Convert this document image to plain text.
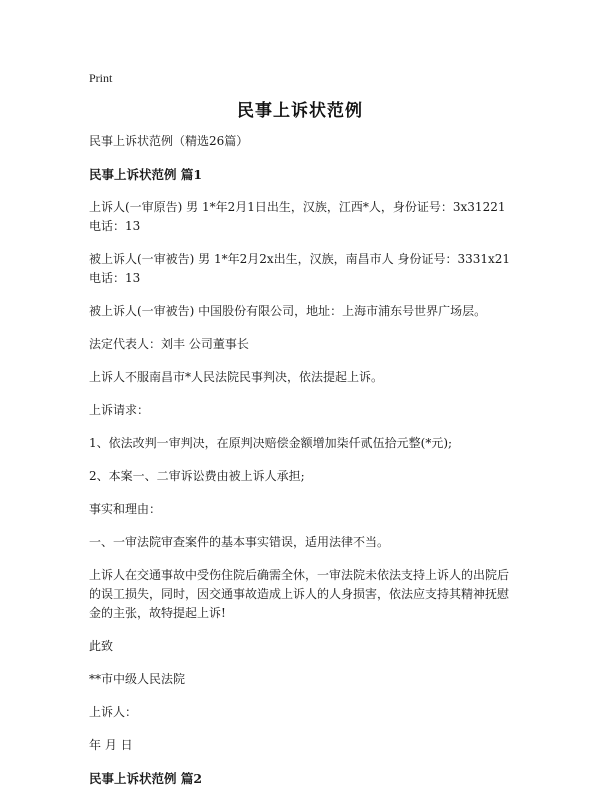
Print
民事上诉状范例

民事上诉状范例（精选26篇）

民事上诉状范例 篇1

上诉人(一审原告) 男 1*年2月1日出生，汉族，江西*人，身份证号：3x31221 电话：13

被上诉人(一审被告) 男 1*年2月2x出生，汉族，南昌市人 身份证号：3331x21 电话：13

被上诉人(一审被告) 中国股份有限公司，地址：上海市浦东号世界广场层。

法定代表人：刘丰 公司董事长

上诉人不服南昌市*人民法院民事判决，依法提起上诉。

上诉请求：

1、依法改判一审判决，在原判决赔偿金额增加柒仟贰伍拾元整(*元);

2、本案一、二审诉讼费由被上诉人承担;

事实和理由：

一、一审法院审查案件的基本事实错误，适用法律不当。

上诉人在交通事故中受伤住院后确需全休，一审法院未依法支持上诉人的出院后的误工损失，同时，因交通事故造成上诉人的人身损害，依法应支持其精神抚慰金的主张，故特提起上诉!

此致

**市中级人民法院

上诉人：

年 月 日

民事上诉状范例 篇2
